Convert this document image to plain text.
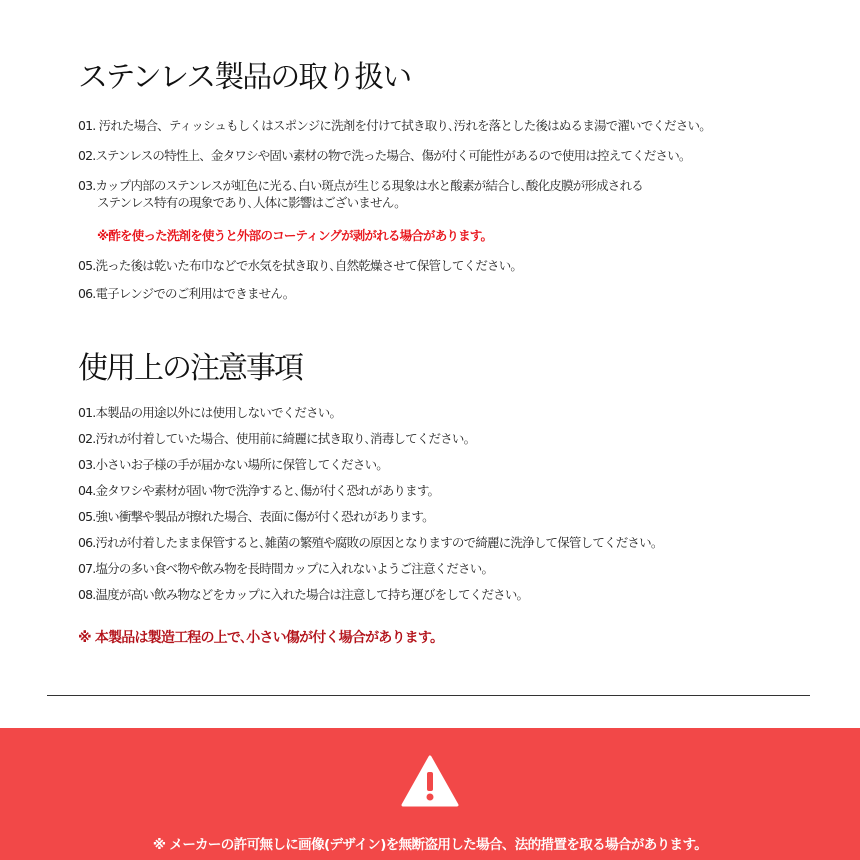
ステンレス製品の取り扱い
01. 汚れた場合、ティッシュもしくはスポンジに洗剤を付けて拭き取り､汚れを落とした後はぬるま湯で濯いでください。
02.ステンレスの特性上、金タワシや固い素材の物で洗った場合、傷が付く可能性があるので使用は控えてください。
03.カップ内部のステンレスが虹色に光る､白い斑点が生じる現象は水と酸素が結合し､酸化皮膜が形成される
ステンレス特有の現象であり､人体に影響はございません。
※酢を使った洗剤を使うと外部のコーティングが剥がれる場合があります。
05.洗った後は乾いた布巾などで水気を拭き取り､自然乾燥させて保管してください。
06.電子レンジでのご利用はできません。
使用上の注意事項
01.本製品の用途以外には使用しないでください。
02.汚れが付着していた場合、使用前に綺麗に拭き取り､消毒してください。
03.小さいお子様の手が届かない場所に保管してください。
04.金タワシや素材が固い物で洗浄すると､傷が付く恐れがあります。
05.強い衝撃や製品が擦れた場合、表面に傷が付く恐れがあります。
06.汚れが付着したまま保管すると､雑菌の繁殖や腐敗の原因となりますので綺麗に洗浄して保管してください。
07.塩分の多い食べ物や飲み物を長時間カップに入れないようご注意ください。
08.温度が高い飲み物などをカップに入れた場合は注意して持ち運びをしてください。
※ 本製品は製造工程の上で､小さい傷が付く場合があります。
※ メーカーの許可無しに画像(デザイン)を無断盗用した場合、法的措置を取る場合があります。
